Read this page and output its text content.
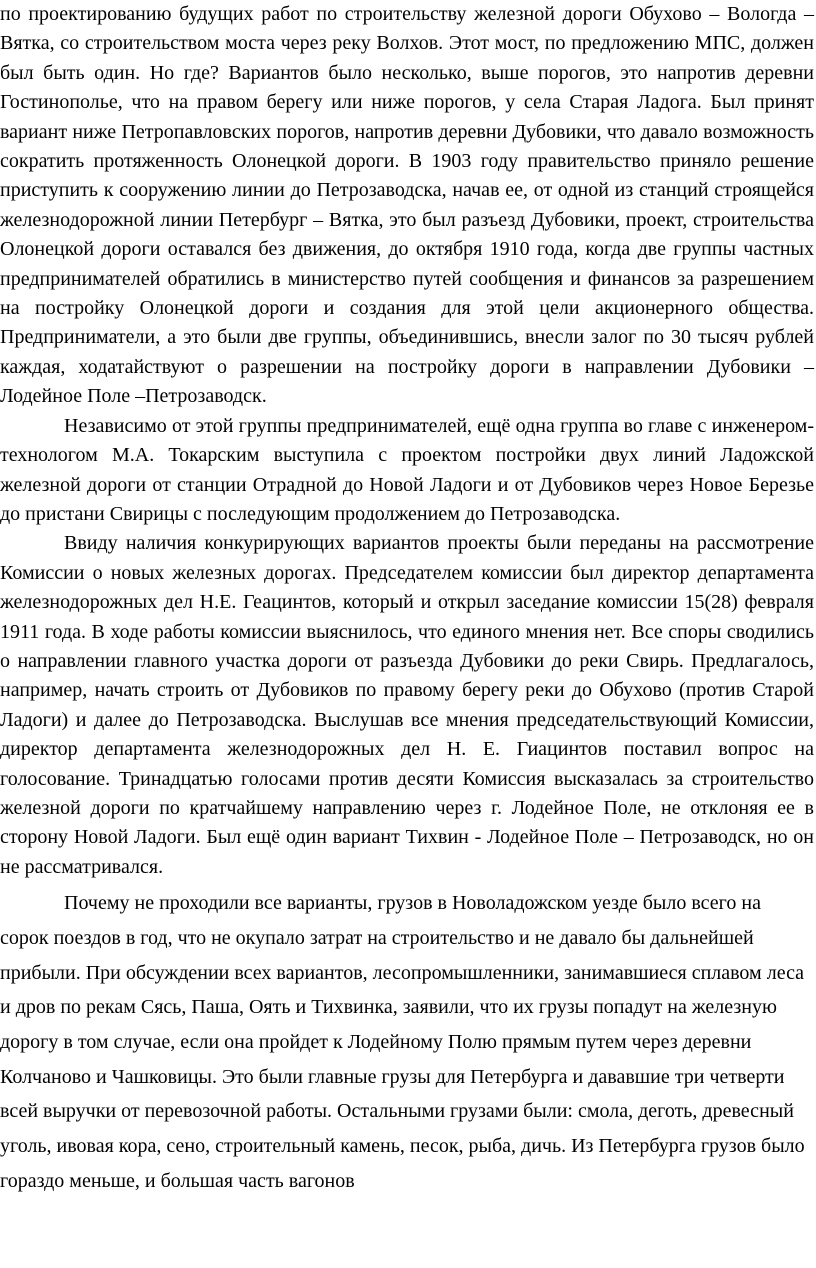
по проектированию будущих работ по строительству железной дороги Обухово – Вологда – Вятка, со строительством моста через реку Волхов. Этот мост, по предложению МПС, должен был быть один. Но где? Вариантов было несколько, выше порогов, это напротив деревни Гостинополье, что на правом берегу или ниже порогов, у села Старая Ладога. Был принят вариант ниже Петропавловских порогов, напротив деревни Дубовики, что давало возможность сократить протяженность Олонецкой дороги. В 1903 году правительство приняло решение приступить к сооружению линии до Петрозаводска, начав ее, от одной из станций строящейся железнодорожной линии Петербург – Вятка, это был разъезд Дубовики, проект, строительства Олонецкой дороги оставался без движения, до октября 1910 года, когда две группы частных предпринимателей обратились в министерство путей сообщения и финансов за разрешением на постройку Олонецкой дороги и создания для этой цели акционерного общества. Предприниматели, а это были две группы, объединившись, внесли залог по 30 тысяч рублей каждая, ходатайствуют о разрешении на постройку дороги в направлении Дубовики – Лодейное Поле –Петрозаводск.

Независимо от этой группы предпринимателей, ещё одна группа во главе с инженером-технологом М.А. Токарским выступила с проектом постройки двух линий Ладожской железной дороги от станции Отрадной до Новой Ладоги и от Дубовиков через Новое Березье до пристани Свирицы с последующим продолжением до Петрозаводска.

Ввиду наличия конкурирующих вариантов проекты были переданы на рассмотрение Комиссии о новых железных дорогах. Председателем комиссии был директор департамента железнодорожных дел Н.Е. Геацинтов, который и открыл заседание комиссии 15(28) февраля 1911 года. В ходе работы комиссии выяснилось, что единого мнения нет. Все споры сводились о направлении главного участка дороги от разъезда Дубовики до реки Свирь. Предлагалось, например, начать строить от Дубовиков по правому берегу реки до Обухово (против Старой Ладоги) и далее до Петрозаводска. Выслушав все мнения председательствующий Комиссии, директор департамента железнодорожных дел Н. Е. Гиацинтов поставил вопрос на голосование. Тринадцатью голосами против десяти Комиссия высказалась за строительство железной дороги по кратчайшему направлению через г. Лодейное Поле, не отклоняя ее в сторону Новой Ладоги. Был ещё один вариант Тихвин - Лодейное Поле – Петрозаводск, но он не рассматривался.

Почему не проходили все варианты, грузов в Новоладожском уезде было всего на сорок поездов в год, что не окупало затрат на строительство и не давало бы дальнейшей прибыли. При обсуждении всех вариантов, лесопромышленники, занимавшиеся сплавом леса и дров по рекам Сясь, Паша, Оять и Тихвинка, заявили, что их грузы попадут на железную дорогу в том случае, если она пройдет к Лодейному Полю прямым путем через деревни Колчаново и Чашковицы. Это были главные грузы для Петербурга и дававшие три четверти всей выручки от перевозочной работы. Остальными грузами были: смола, деготь, древесный уголь, ивовая кора, сено, строительный камень, песок, рыба, дичь. Из Петербурга грузов было гораздо меньше, и большая часть вагонов
